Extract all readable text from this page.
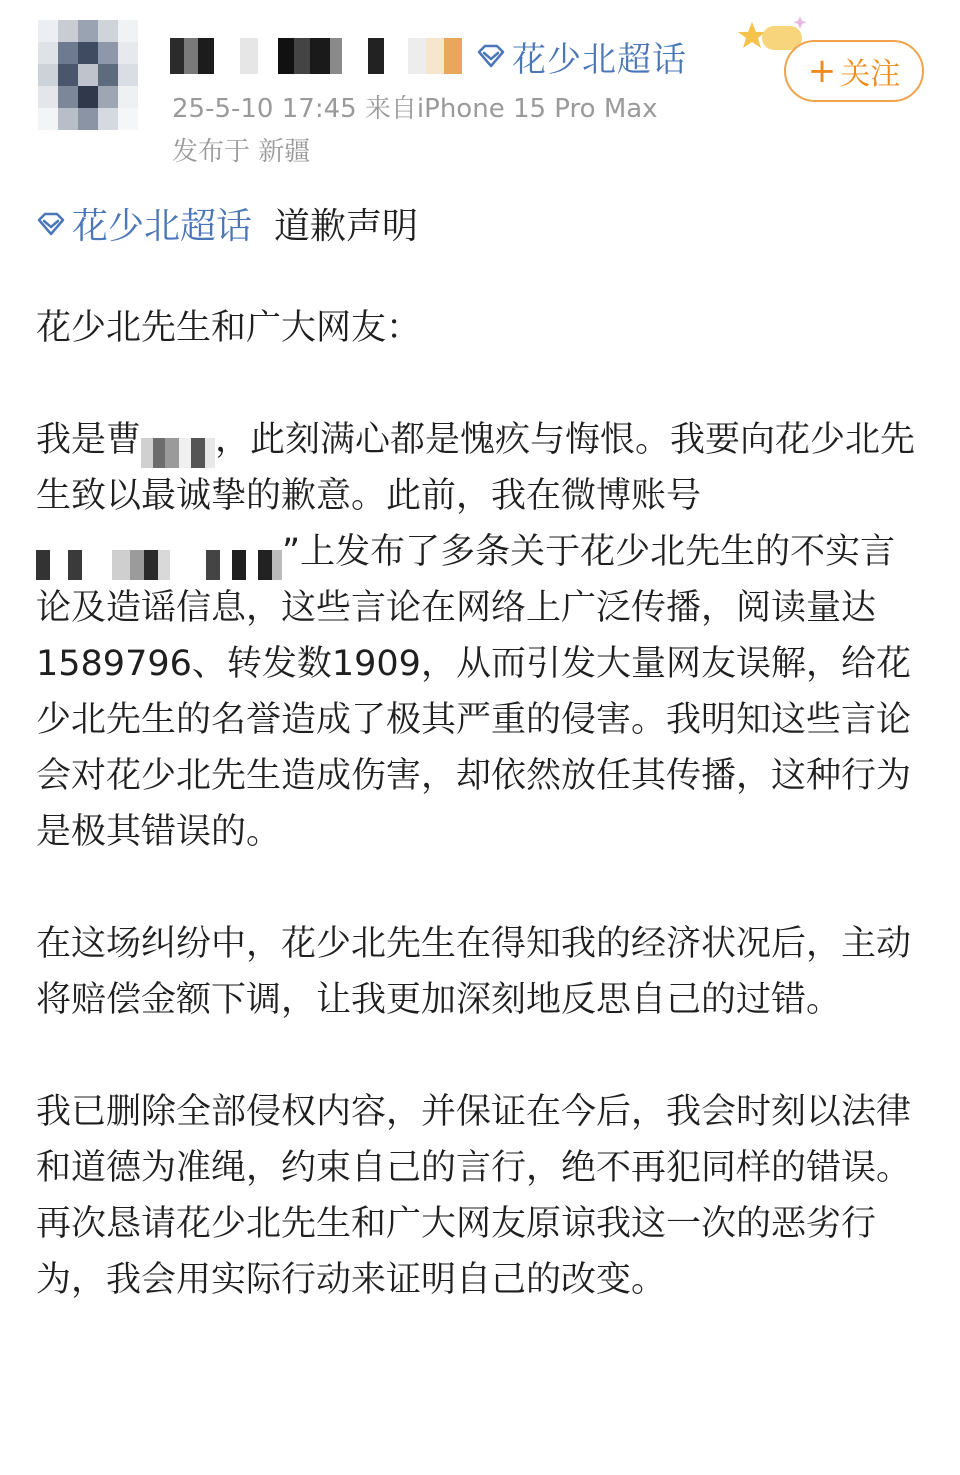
花少北超话
25-5-10 17:45 来自iPhone 15 Pro Max
发布于 新疆
+ 关注
花少北超话 道歉声明

花少北先生和广大网友：

我是曹 ，此刻满心都是愧疚与悔恨。我要向花少北先生致以最诚挚的歉意。此前，我在微博账号”上发布了多条关于花少北先生的不实言论及造谣信息，这些言论在网络上广泛传播，阅读量达1589796、转发数1909，从而引发大量网友误解，给花少北先生的名誉造成了极其严重的侵害。我明知这些言论会对花少北先生造成伤害，却依然放任其传播，这种行为是极其错误的。

在这场纠纷中，花少北先生在得知我的经济状况后，主动将赔偿金额下调，让我更加深刻地反思自己的过错。

我已删除全部侵权内容，并保证在今后，我会时刻以法律和道德为准绳，约束自己的言行，绝不再犯同样的错误。再次恳请花少北先生和广大网友原谅我这一次的恶劣行为，我会用实际行动来证明自己的改变。
